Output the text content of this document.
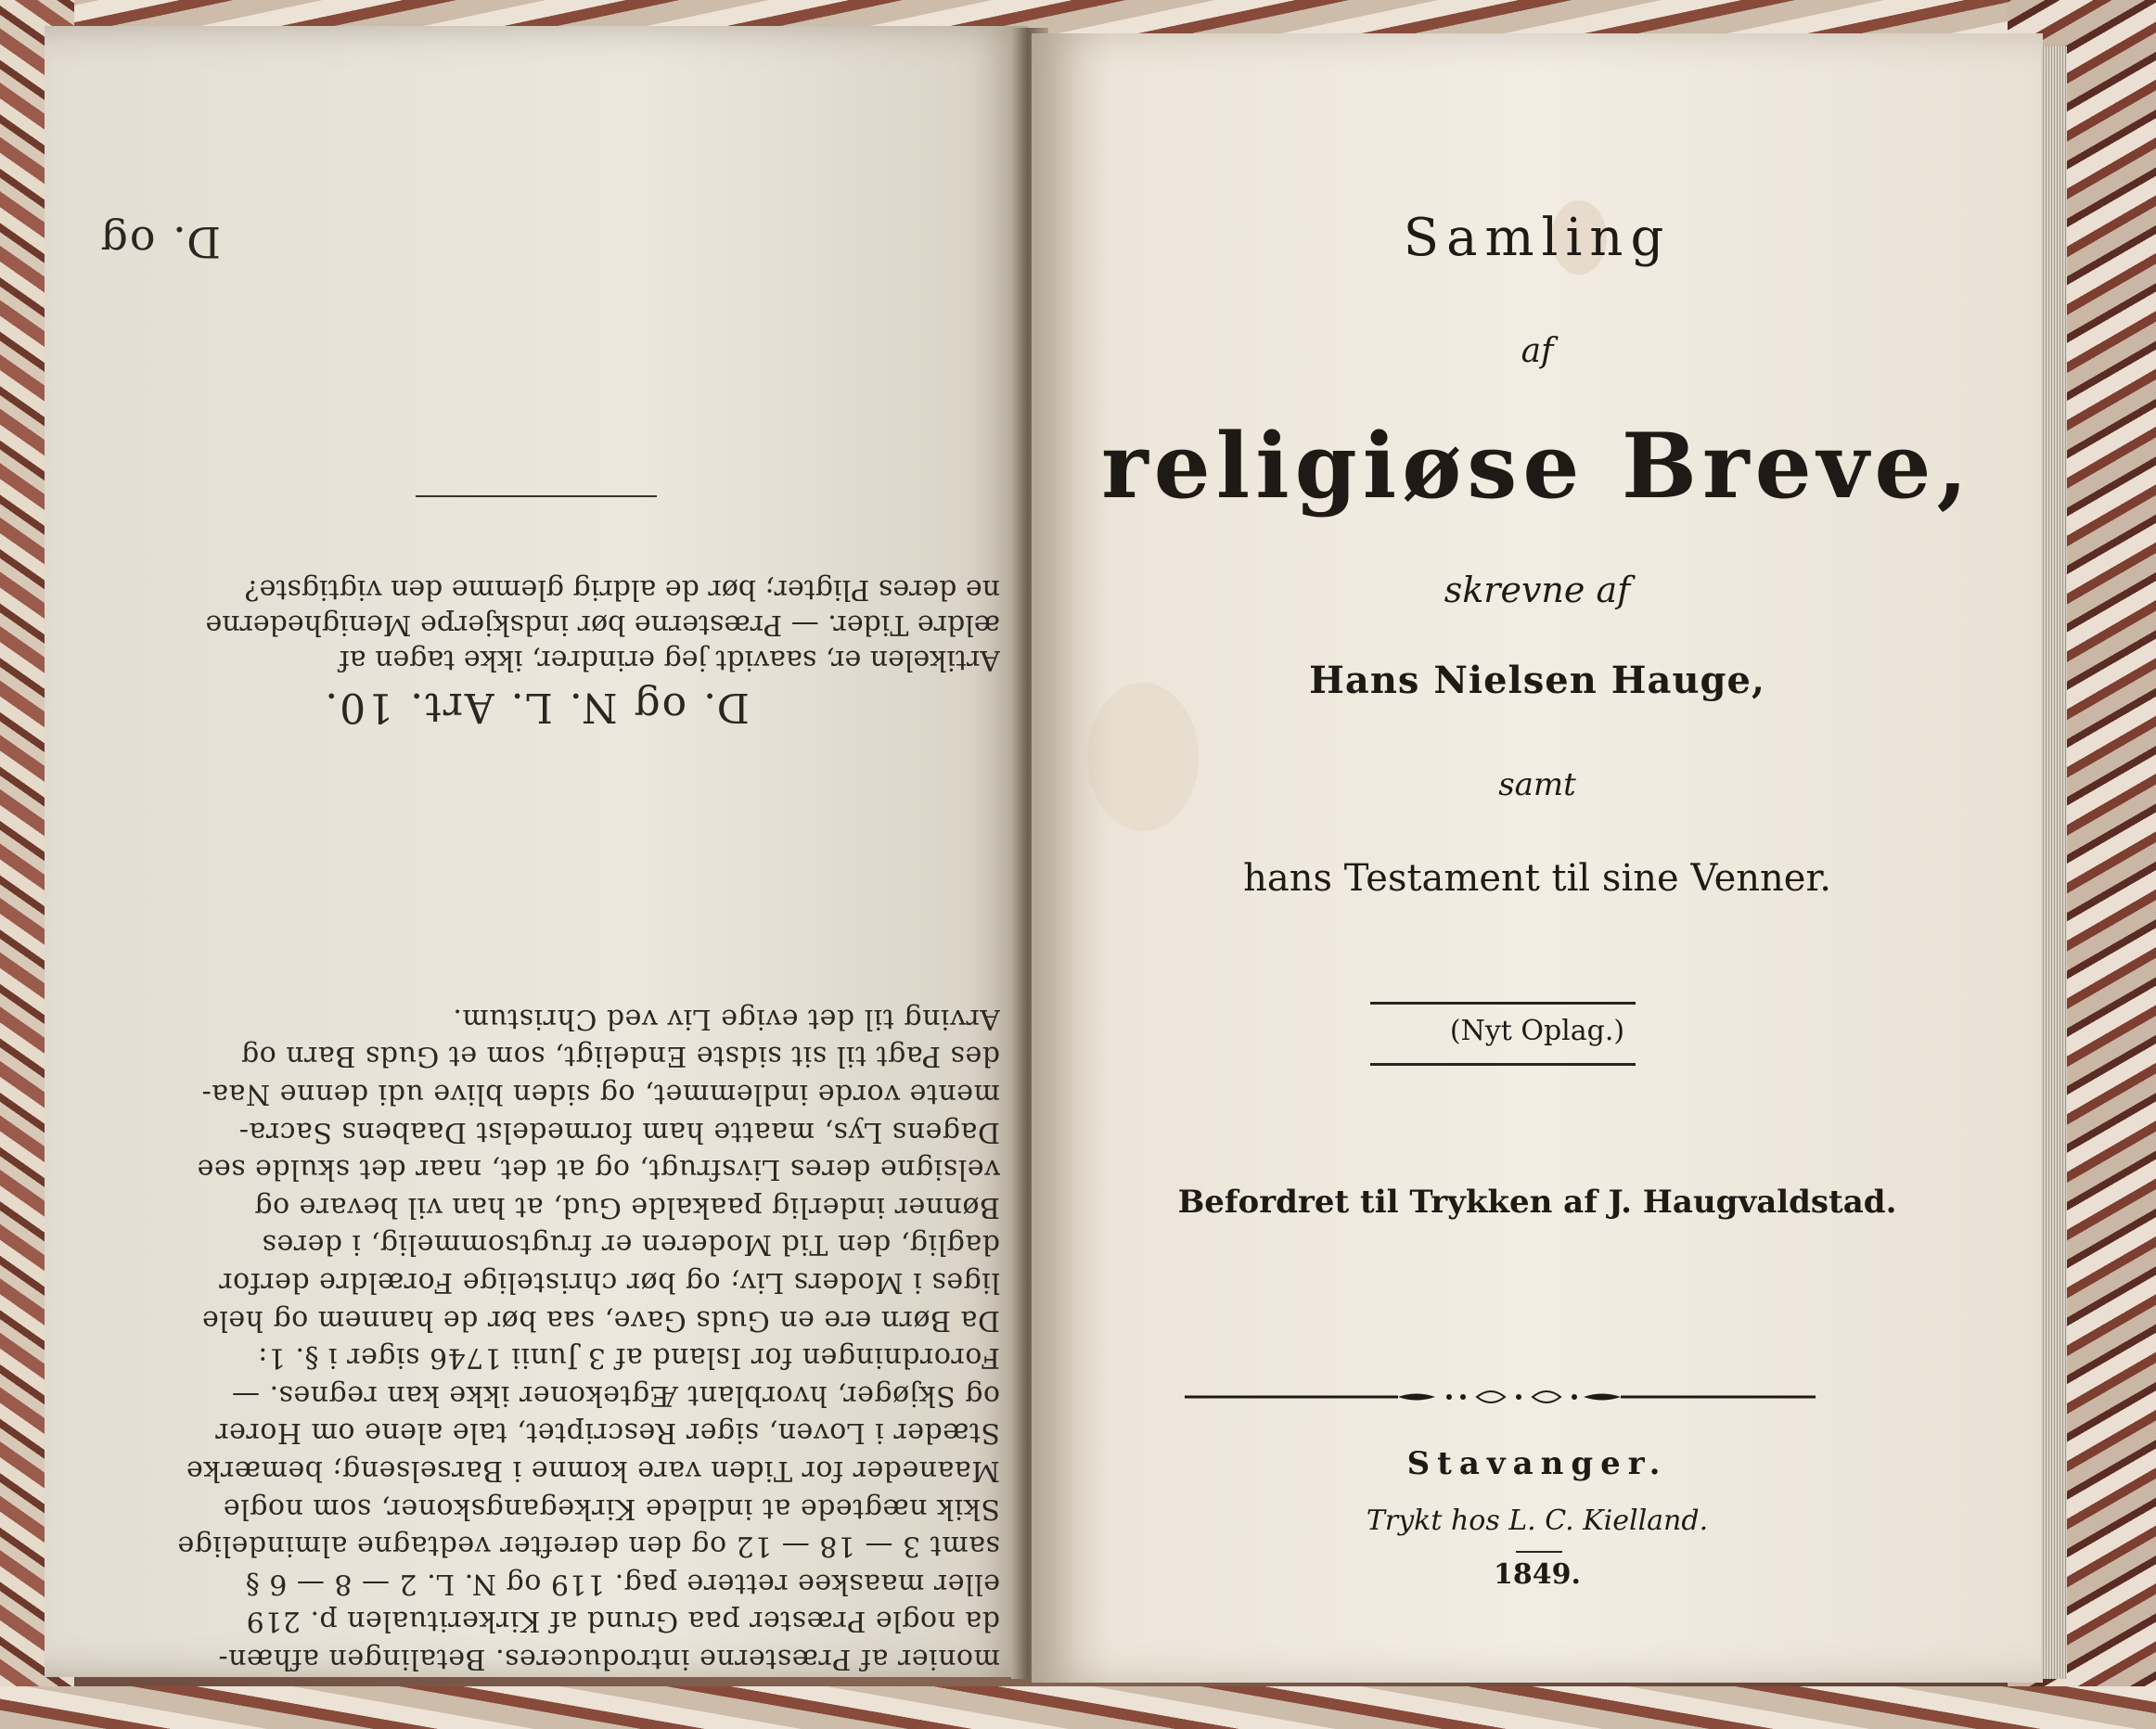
monier af Præsterne introduceres. Betalingen afhæn-

da nogle Præster paa Grund af Kirkeritualen p. 219

eller maaskee rettere pag. 119 og N. L. 2 — 8 — 6 §

samt 3 — 18 — 12 og den derefter vedtagne almindelige

Skik nægtede at indlede Kirkegangskoner, som nogle

Maaneder for Tiden vare komne i Barselseng; bemærke

Stæder i Loven, siger Rescriptet, tale alene om Horer

og Skjøger, hvorblant Ægtekoner ikke kan regnes. —

Forordningen for Island af 3 Junii 1746 siger i §. 1:

Da Børn ere en Guds Gave, saa bør de hannem og hele

liges i Moders Liv; og bør christelige Forældre derfor

daglig, den Tid Moderen er frugtsommelig, i deres

Bønner inderlig paakalde Gud, at han vil bevare og

velsigne deres Livsfrugt, og at det, naar det skulde see

Dagens Lys, maatte ham formedelst Daabens Sacra-

mente vorde indlemmet, og siden blive udi denne Naa-

des Pagt til sit sidste Endeligt, som et Guds Barn og

Arving til det evige Liv ved Christum.

D. og N. L. Art. 10.

Artikelen er, saavidt jeg erindrer, ikke tagen af

ældre Tider. — Præsterne bør indskjerpe Menighederne

ne deres Pligter; bør de aldrig glemme den vigtigste?

D. og	Samling
af
religiøse Breve,
skrevne af
Hans Nielsen Hauge,
samt
hans Testament til sine Venner.
(Nyt Oplag.)
Befordret til Trykken af J. Haugvaldstad.
Stavanger.
Trykt hos L. C. Kielland.
1849.
